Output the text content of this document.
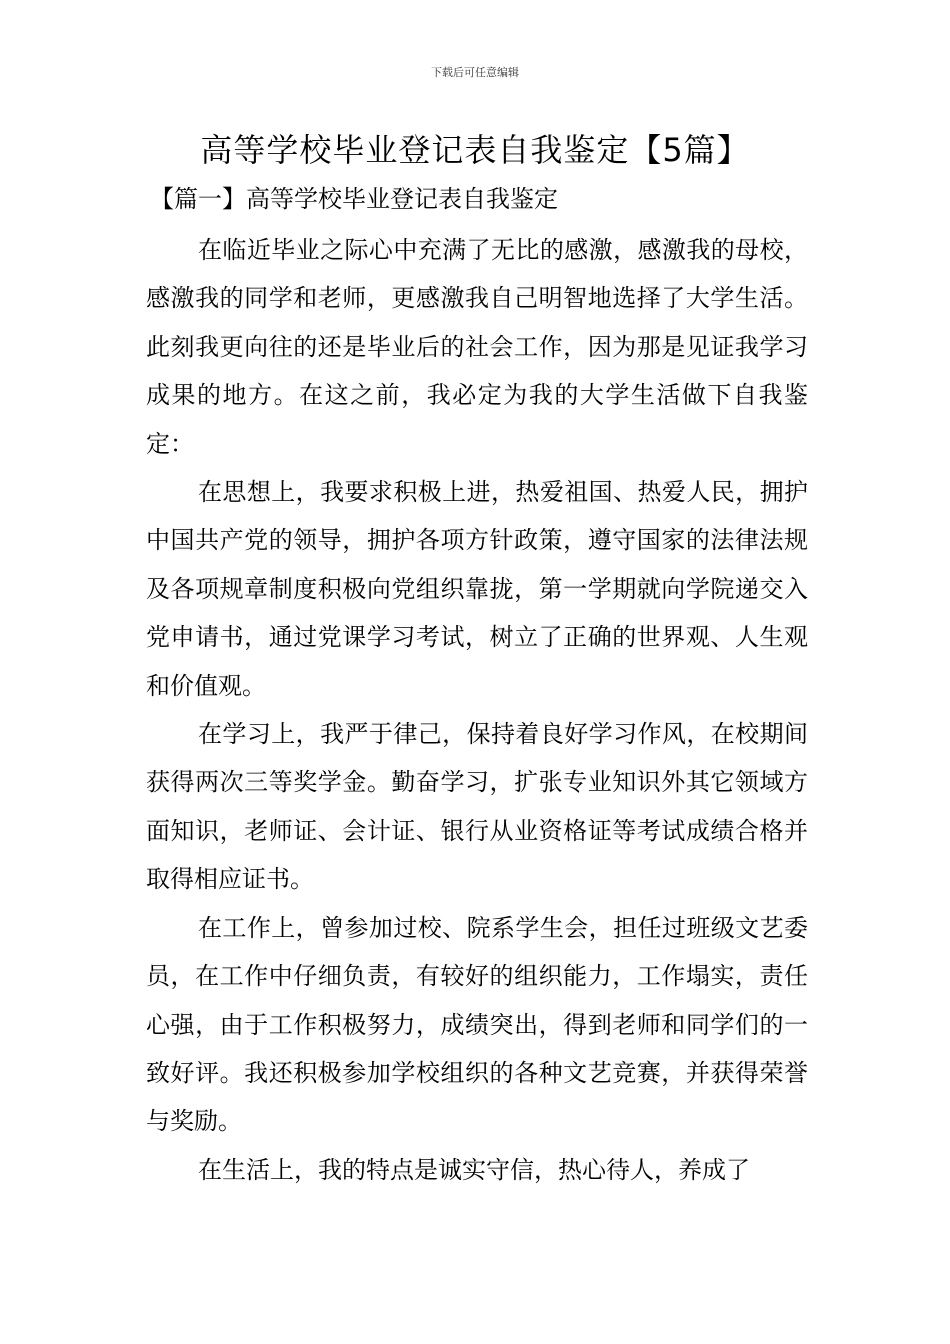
下载后可任意编辑
高等学校毕业登记表自我鉴定【5篇】
【篇一】高等学校毕业登记表自我鉴定

在临近毕业之际心中充满了无比的感激，感激我的母校，感激我的同学和老师，更感激我自己明智地选择了大学生活。此刻我更向往的还是毕业后的社会工作，因为那是见证我学习成果的地方。在这之前，我必定为我的大学生活做下自我鉴定：

在思想上，我要求积极上进，热爱祖国、热爱人民，拥护中国共产党的领导，拥护各项方针政策，遵守国家的法律法规及各项规章制度积极向党组织靠拢，第一学期就向学院递交入党申请书，通过党课学习考试，树立了正确的世界观、人生观和价值观。

在学习上，我严于律己，保持着良好学习作风，在校期间获得两次三等奖学金。勤奋学习，扩张专业知识外其它领域方面知识，老师证、会计证、银行从业资格证等考试成绩合格并取得相应证书。

在工作上，曾参加过校、院系学生会，担任过班级文艺委员，在工作中仔细负责，有较好的组织能力，工作塌实，责任心强，由于工作积极努力，成绩突出，得到老师和同学们的一致好评。我还积极参加学校组织的各种文艺竞赛，并获得荣誉与奖励。

在生活上，我的特点是诚实守信，热心待人，养成了
